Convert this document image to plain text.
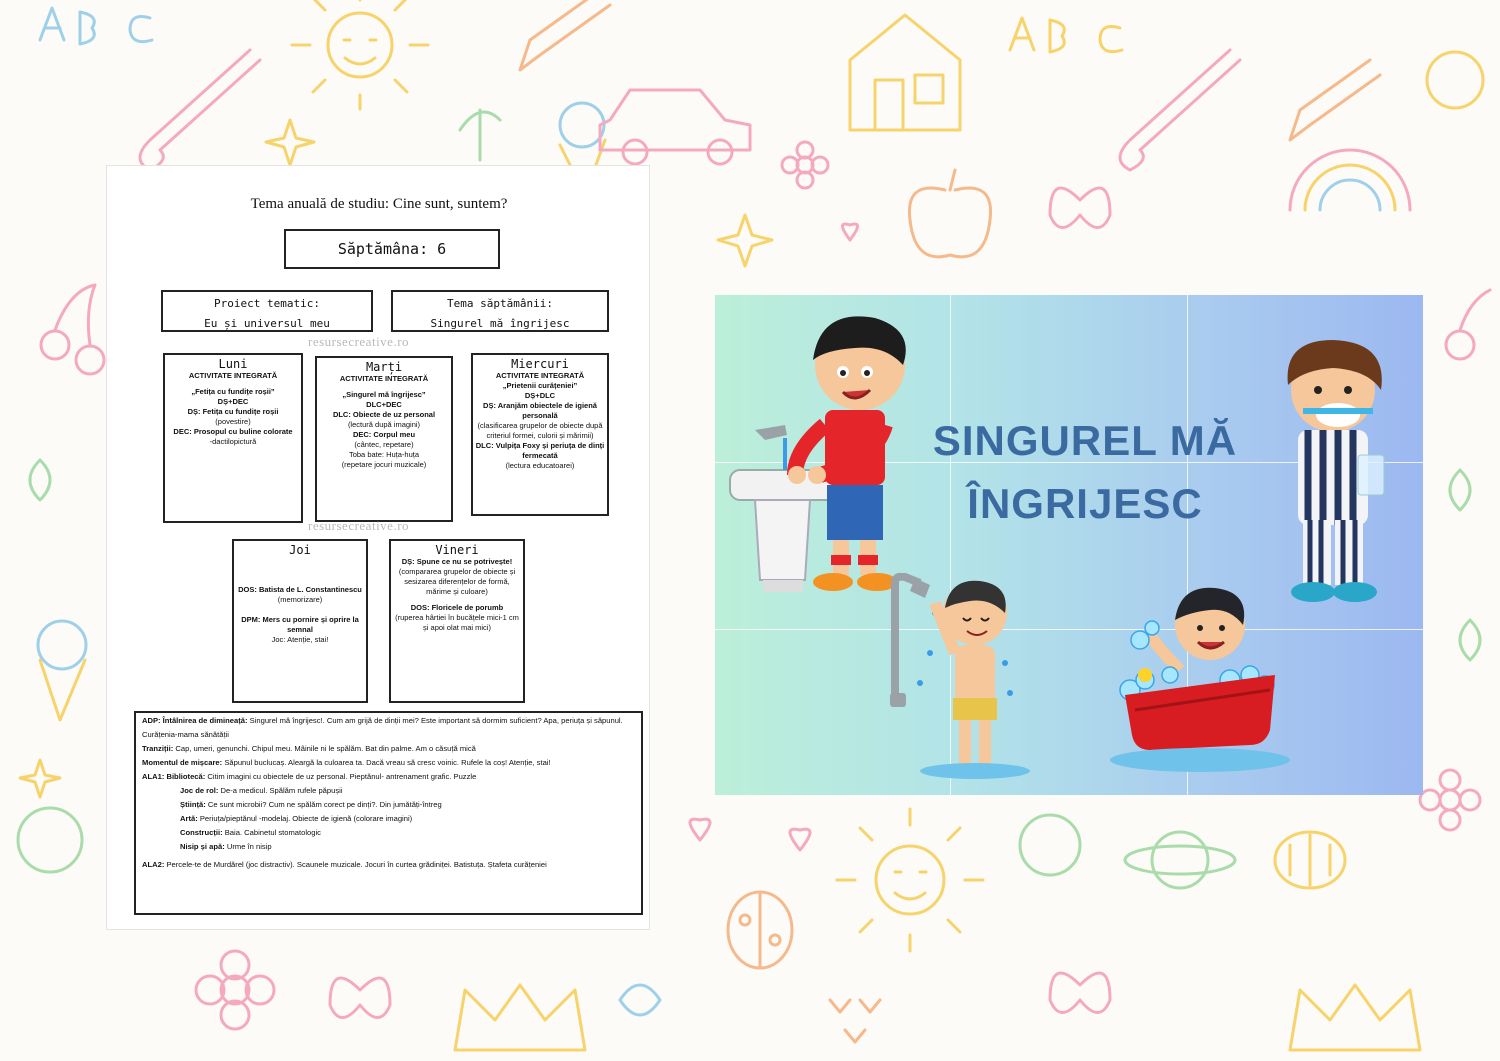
Tema anuală de studiu: Cine sunt, suntem?
Săptămâna: 6
Proiect tematic:
Eu și universul meu
Tema săptămânii:
Singurel mă îngrijesc
resursecreative.ro
Luni
ACTIVITATE INTEGRATĂ
„Fetița cu fundițe roșii”
DȘ+DEC
DȘ: Fetița cu fundițe roșii
(povestire)
DEC: Prosopul cu buline colorate
-dactilopictură
Marți
ACTIVITATE INTEGRATĂ
„Singurel mă îngrijesc”
DLC+DEC
DLC: Obiecte de uz personal
(lectură după imagini)
DEC: Corpul meu
(cântec, repetare)
Toba bate: Huța-huța
(repetare jocuri muzicale)
Miercuri
ACTIVITATE INTEGRATĂ
„Prietenii curățeniei”
DȘ+DLC
DȘ: Aranjăm obiectele de igienă personală
(clasificarea grupelor de obiecte după criteriul formei, culorii și mărimii)
DLC: Vulpița Foxy și periuța de dinți fermecată
(lectura educatoarei)
resursecreative.ro
Joi
DOS: Batista de L. Constantinescu
(memorizare)
DPM: Mers cu pornire și oprire la semnal
Joc: Atenție, stai!
Vineri
DȘ: Spune ce nu se potrivește!
(compararea grupelor de obiecte și sesizarea diferențelor de formă, mărime și culoare)
DOS: Floricele de porumb
(ruperea hârtiei în bucățele mici-1 cm și apoi olat mai mici)
ADP: Întâlnirea de dimineață: Singurel mă îngrijesc!. Cum am grijă de dinții mei? Este important să dormim suficient? Apa, periuța și săpunul. Curățenia-mama sănătății
Tranziții: Cap, umeri, genunchi. Chipul meu. Mâinile ni le spălăm. Bat din palme. Am o căsuță mică
Momentul de mișcare: Săpunul buclucaș. Aleargă la culoarea ta. Dacă vreau să cresc voinic. Rufele la coș! Atenție, stai!
ALA1: Bibliotecă: Citim imagini cu obiectele de uz personal. Pieptănul- antrenament grafic. Puzzle
Joc de rol: De-a medicul. Spălăm rufele păpușii
Știință: Ce sunt microbii? Cum ne spălăm corect pe dinți?. Din jumătăți-întreg
Artă: Periuța/pieptănul -modelaj. Obiecte de igienă (colorare imagini)
Construcții: Baia. Cabinetul stomatologic
Nisip și apă: Urme în nisip
ALA2: Percele-te de Murdărel (joc distractiv). Scaunele muzicale. Jocuri în curtea grădiniței. Batistuța. Ștafeta curățeniei
SINGUREL MĂ
ÎNGRIJESC
